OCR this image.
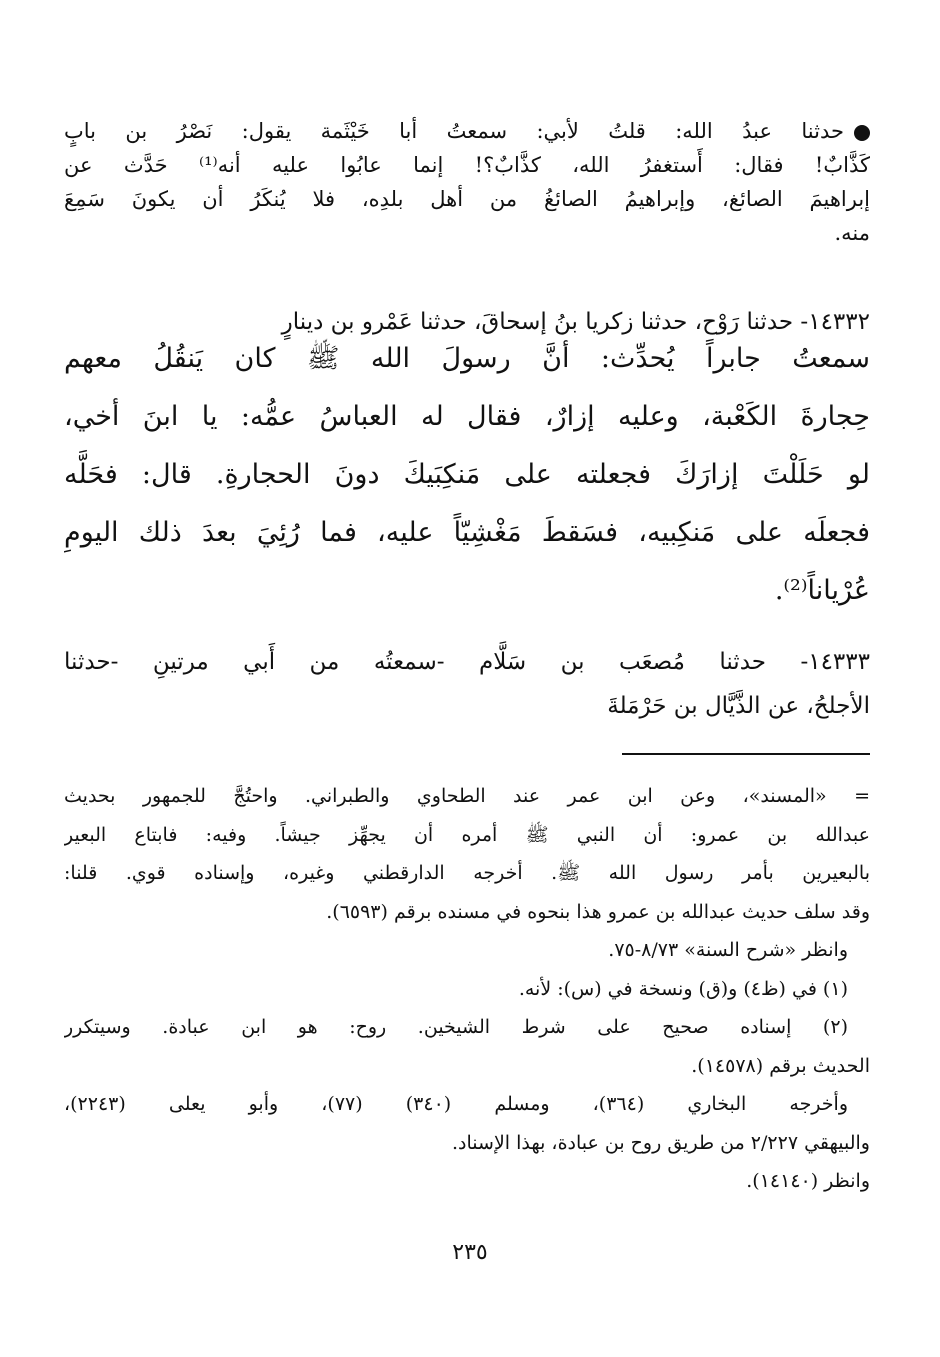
حدثنا عبدُ الله: قلتُ لأبي: سمعتُ أبا خَيْثَمة يقول: نَصْرُ بن بابٍ
كَذَّابٌ! فقال: أَستغفرُ الله، كذَّابٌ؟! إنما عابُوا عليه أنه⁽¹⁾ حَدَّث عن
إبراهيمَ الصائغ، وإبراهيمُ الصائغُ من أهل بلدِه، فلا يُنكَرُ أن يكونَ سَمِعَ
منه.
١٤٣٣٢- حدثنا رَوْح، حدثنا زكريا بنُ إسحاقَ، حدثنا عَمْرو بن دينارٍ
سمعتُ جابراً يُحدِّث: أنَّ رسولَ الله ﷺ كان يَنقُلُ معهم
حِجارةَ الكَعْبة، وعليه إزارٌ، فقال له العباسُ عمُّه: يا ابنَ أخي،
لو حَلَلْتَ إزارَكَ فجعلته على مَنكِبَيكَ دونَ الحجارةِ. قال: فحَلَّه
فجعلَه على مَنكِبيه، فسَقطَ مَغْشِيّاً عليه، فما رُئِيَ بعدَ ذلك اليومِ
عُرْياناً⁽²⁾.
١٤٣٣٣- حدثنا مُصعَب بن سَلَّام -سمعتُه من أَبي مرتينِ -حدثنا
الأجلحُ، عن الذَّيَّال بن حَرْمَلةَ
= «المسند»، وعن ابن عمر عند الطحاوي والطبراني. واحتُجَّ للجمهور بحديث
عبدالله بن عمرو: أن النبي ﷺ أمره أن يجهِّز جيشاً. وفيه: فابتاع البعير
بالبعيرين بأمر رسول الله ﷺ. أخرجه الدارقطني وغيره، وإسناده قوي. قلنا:
وقد سلف حديث عبدالله بن عمرو هذا بنحوه في مسنده برقم (٦٥٩٣).
وانظر «شرح السنة» ٨/٧٣-٧٥.
(١) في (ظ٤) و(ق) ونسخة في (س): لأنه.
(٢) إسناده صحيح على شرط الشيخين. روح: هو ابن عبادة. وسيتكرر
الحديث برقم (١٤٥٧٨).
وأخرجه البخاري (٣٦٤)، ومسلم (٣٤٠) (٧٧)، وأبو يعلى (٢٢٤٣)،
والبيهقي ٢/٢٢٧ من طريق روح بن عبادة، بهذا الإسناد.
وانظر (١٤١٤٠).
٢٣٥
